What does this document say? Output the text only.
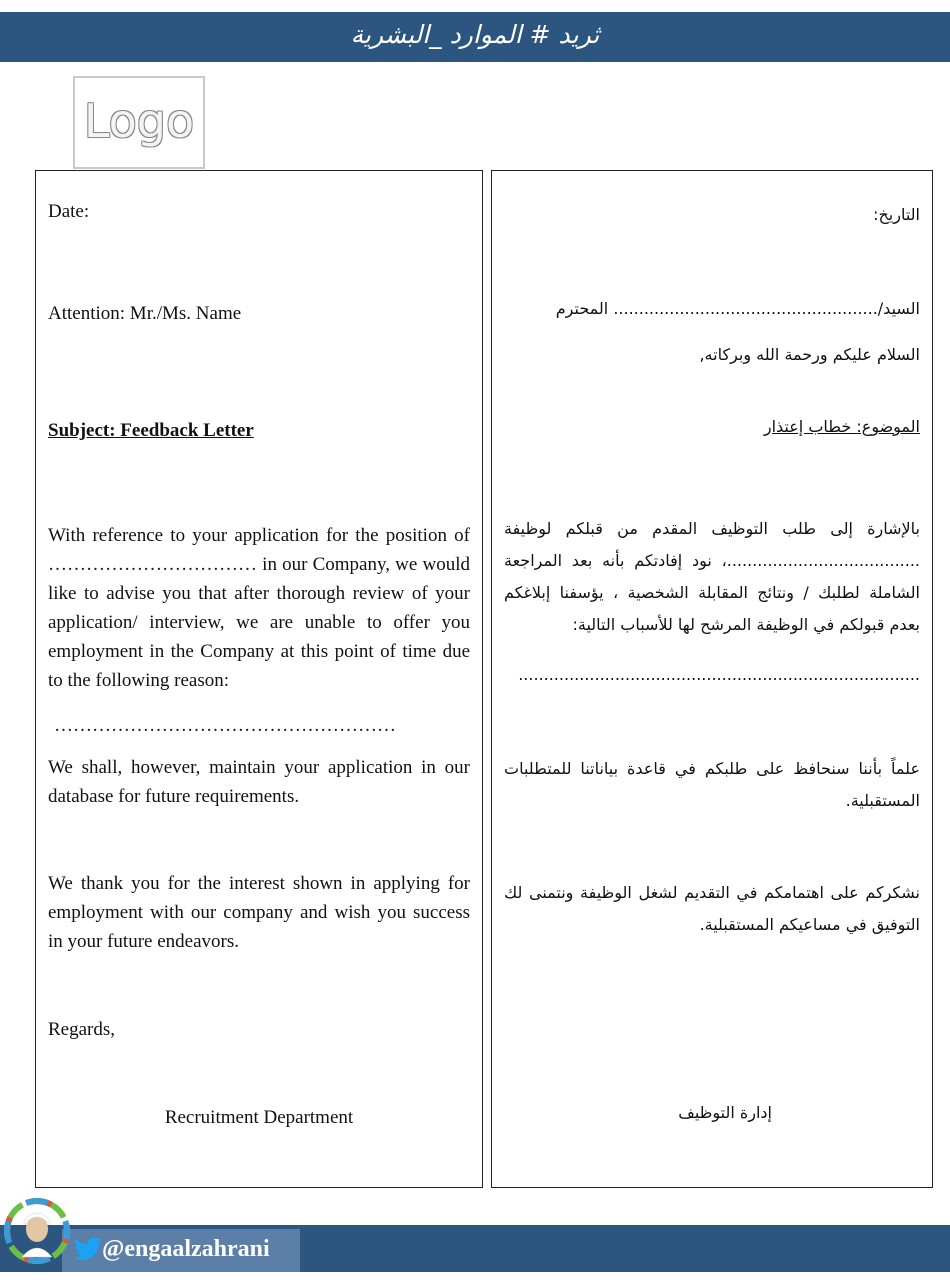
ثريد # الموارد _البشرية
Logo
Date:
Attention: Mr./Ms. Name
Subject: Feedback Letter
With reference to your application for the position of …………………………… in our Company, we would like to advise you that after thorough review of your application/ interview, we are unable to offer you employment in the Company at this point of time due to the following reason:
………………………………………………
We shall, however, maintain your application in our database for future requirements.
We thank you for the interest shown in applying for employment with our company and wish you success in your future endeavors.
Regards,
Recruitment Department
التاريخ:
السيد/.................................................... المحترم
السلام عليكم ورحمة الله وبركاته,
الموضوع: خطاب إعتذار
بالإشارة إلى طلب التوظيف المقدم من قبلكم لوظيفة ......................................، نود إفادتكم بأنه بعد المراجعة الشاملة لطلبك / ونتائج المقابلة الشخصية ، يؤسفنا إبلاغكم بعدم قبولكم في الوظيفة المرشح لها للأسباب التالية:
...............................................................................
علماً بأننا سنحافظ على طلبكم في قاعدة بياناتنا للمتطلبات المستقبلية.
نشكركم على اهتمامكم في التقديم لشغل الوظيفة ونتمنى لك التوفيق في مساعيكم المستقبلية.
إدارة التوظيف
@engaalzahrani
